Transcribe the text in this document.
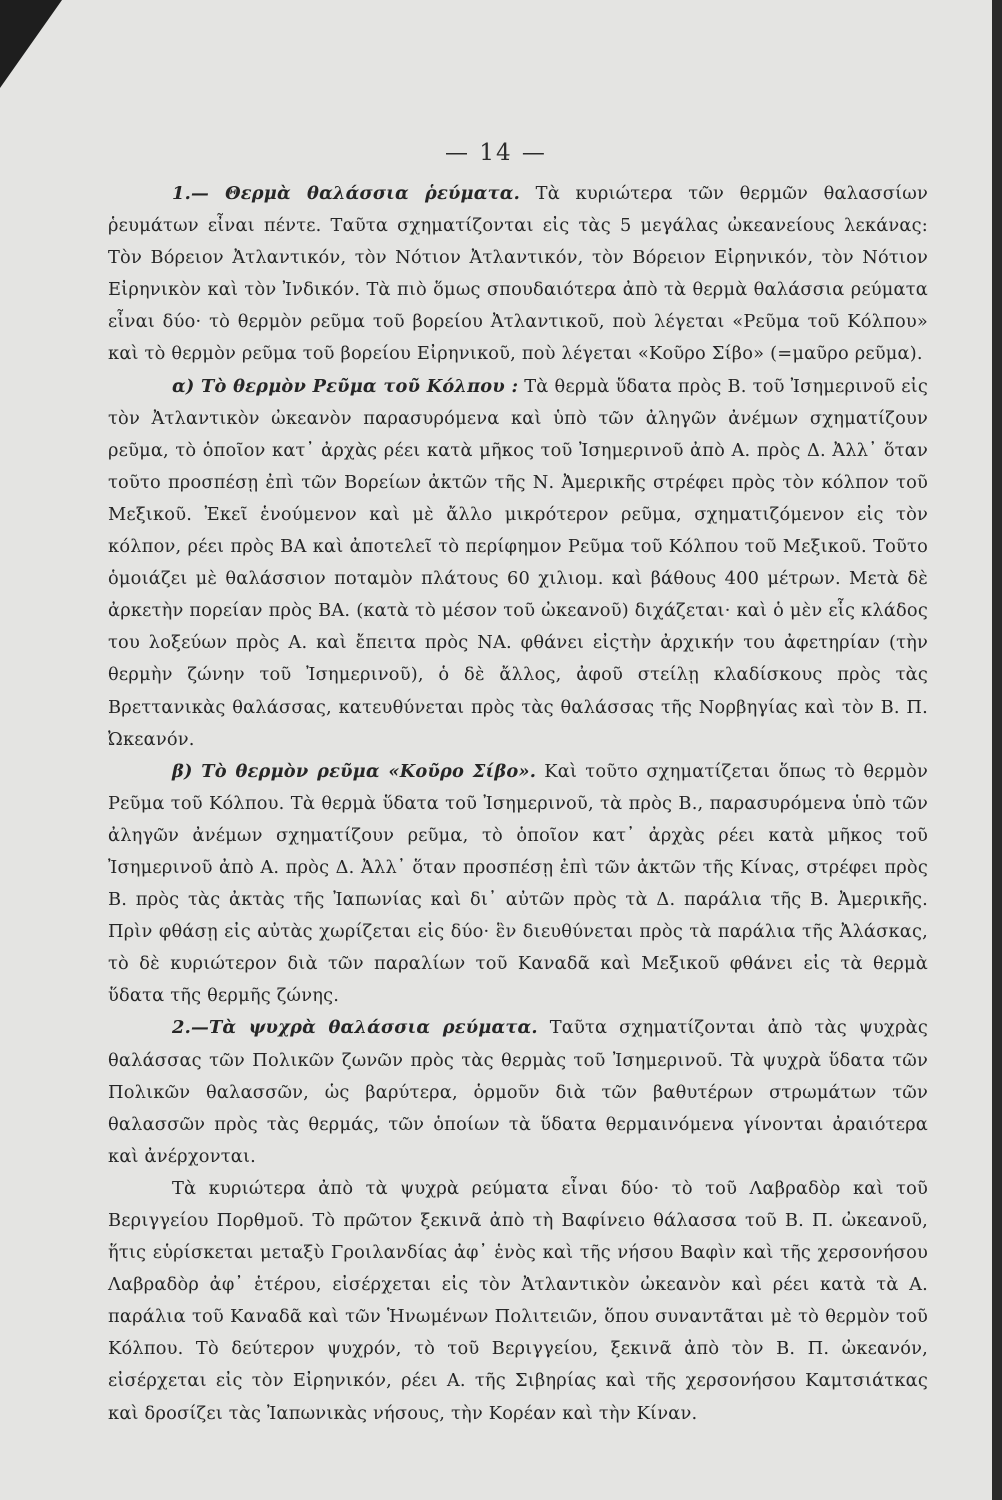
— 14 —

1.— Θερμὰ θαλάσσια ῥεύματα. Τὰ κυριώτερα τῶν θερμῶν θαλασσίων ῥευμάτων εἶναι πέντε. Ταῦτα σχηματίζονται εἰς τὰς 5 μεγάλας ὠκεανείους λεκάνας: Τὸν Βόρειον Ἀτλαντικόν, τὸν Νότιον Ἀτλαντικόν, τὸν Βόρειον Εἰρηνικόν, τὸν Νότιον Εἰρηνικὸν καὶ τὸν Ἰνδικόν. Τὰ πιὸ ὅμως σπουδαιότερα ἀπὸ τὰ θερμὰ θαλάσσια ρεύματα εἶναι δύο· τὸ θερμὸν ρεῦμα τοῦ βορείου Ἀτλαντικοῦ, ποὺ λέγεται «Ρεῦμα τοῦ Κόλπου» καὶ τὸ θερμὸν ρεῦμα τοῦ βορείου Εἰρηνικοῦ, ποὺ λέγεται «Κοῦρο Σίβο» (=μαῦρο ρεῦμα).

α) Τὸ θερμὸν Ρεῦμα τοῦ Κόλπου : Τὰ θερμὰ ὕδατα πρὸς Β. τοῦ Ἰσημερινοῦ εἰς τὸν Ἀτλαντικὸν ὠκεανὸν παρασυρόμενα καὶ ὑπὸ τῶν ἀληγῶν ἀνέμων σχηματίζουν ρεῦμα, τὸ ὁποῖον κατ᾿ ἀρχὰς ρέει κατὰ μῆκος τοῦ Ἰσημερινοῦ ἀπὸ Α. πρὸς Δ. Ἀλλ᾿ ὅταν τοῦτο προσπέσῃ ἐπὶ τῶν Βορείων ἀκτῶν τῆς Ν. Ἀμερικῆς στρέφει πρὸς τὸν κόλπον τοῦ Μεξικοῦ. Ἐκεῖ ἑνούμενον καὶ μὲ ἄλλο μικρότερον ρεῦμα, σχηματιζόμενον εἰς τὸν κόλπον, ρέει πρὸς ΒΑ καὶ ἀποτελεῖ τὸ περίφημον Ρεῦμα τοῦ Κόλπου τοῦ Μεξικοῦ. Τοῦτο ὁμοιάζει μὲ θαλάσσιον ποταμὸν πλάτους 60 χιλιομ. καὶ βάθους 400 μέτρων. Μετὰ δὲ ἀρκετὴν πορείαν πρὸς ΒΑ. (κατὰ τὸ μέσον τοῦ ὠκεανοῦ) διχάζεται· καὶ ὁ μὲν εἷς κλάδος του λοξεύων πρὸς Α. καὶ ἔπειτα πρὸς ΝΑ. φθάνει εἰςτὴν ἀρχικήν του ἀφετηρίαν (τὴν θερμὴν ζώνην τοῦ Ἰσημερινοῦ), ὁ δὲ ἄλλος, ἀφοῦ στείλῃ κλαδίσκους πρὸς τὰς Βρεττανικὰς θαλάσσας, κατευθύνεται πρὸς τὰς θαλάσσας τῆς Νορβηγίας καὶ τὸν Β. Π. Ὠκεανόν.

β) Τὸ θερμὸν ρεῦμα «Κοῦρο Σίβο». Καὶ τοῦτο σχηματίζεται ὅπως τὸ θερμὸν Ρεῦμα τοῦ Κόλπου. Τὰ θερμὰ ὕδατα τοῦ Ἰσημερινοῦ, τὰ πρὸς Β., παρασυρόμενα ὑπὸ τῶν ἀληγῶν ἀνέμων σχηματίζουν ρεῦμα, τὸ ὁποῖον κατ᾿ ἀρχὰς ρέει κατὰ μῆκος τοῦ Ἰσημερινοῦ ἀπὸ Α. πρὸς Δ. Ἀλλ᾿ ὅταν προσπέσῃ ἐπὶ τῶν ἀκτῶν τῆς Κίνας, στρέφει πρὸς Β. πρὸς τὰς ἀκτὰς τῆς Ἰαπωνίας καὶ δι᾿ αὐτῶν πρὸς τὰ Δ. παράλια τῆς Β. Ἀμερικῆς. Πρὶν φθάσῃ εἰς αὐτὰς χωρίζεται εἰς δύο· ἓν διευθύνεται πρὸς τὰ παράλια τῆς Ἀλάσκας, τὸ δὲ κυριώτερον διὰ τῶν παραλίων τοῦ Καναδᾶ καὶ Μεξικοῦ φθάνει εἰς τὰ θερμὰ ὕδατα τῆς θερμῆς ζώνης.

2.—Τὰ ψυχρὰ θαλάσσια ρεύματα. Ταῦτα σχηματίζονται ἀπὸ τὰς ψυχρὰς θαλάσσας τῶν Πολικῶν ζωνῶν πρὸς τὰς θερμὰς τοῦ Ἰσημερινοῦ. Τὰ ψυχρὰ ὕδατα τῶν Πολικῶν θαλασσῶν, ὡς βαρύτερα, ὁρμοῦν διὰ τῶν βαθυτέρων στρωμάτων τῶν θαλασσῶν πρὸς τὰς θερμάς, τῶν ὁποίων τὰ ὕδατα θερμαινόμενα γίνονται ἀραιότερα καὶ ἀνέρχονται.

Τὰ κυριώτερα ἀπὸ τὰ ψυχρὰ ρεύματα εἶναι δύο· τὸ τοῦ Λαβραδὸρ καὶ τοῦ Βεριγγείου Πορθμοῦ. Τὸ πρῶτον ξεκινᾶ ἀπὸ τὴ Βαφίνειο θάλασσα τοῦ Β. Π. ὠκεανοῦ, ἥτις εὑρίσκεται μεταξὺ Γροιλανδίας ἀφ᾿ ἑνὸς καὶ τῆς νήσου Βαφὶν καὶ τῆς χερσονήσου Λαβραδὸρ ἀφ᾿ ἑτέρου, εἰσέρχεται εἰς τὸν Ἀτλαντικὸν ὠκεανὸν καὶ ρέει κατὰ τὰ Α. παράλια τοῦ Καναδᾶ καὶ τῶν Ἡνωμένων Πολιτειῶν, ὅπου συναντᾶται μὲ τὸ θερμὸν τοῦ Κόλπου. Τὸ δεύτερον ψυχρόν, τὸ τοῦ Βεριγγείου, ξεκινᾶ ἀπὸ τὸν Β. Π. ὠκεανόν, εἰσέρχεται εἰς τὸν Εἰρηνικόν, ρέει Α. τῆς Σιβηρίας καὶ τῆς χερσονήσου Καμτσιάτκας καὶ δροσίζει τὰς Ἰαπωνικὰς νήσους, τὴν Κορέαν καὶ τὴν Κίναν.
